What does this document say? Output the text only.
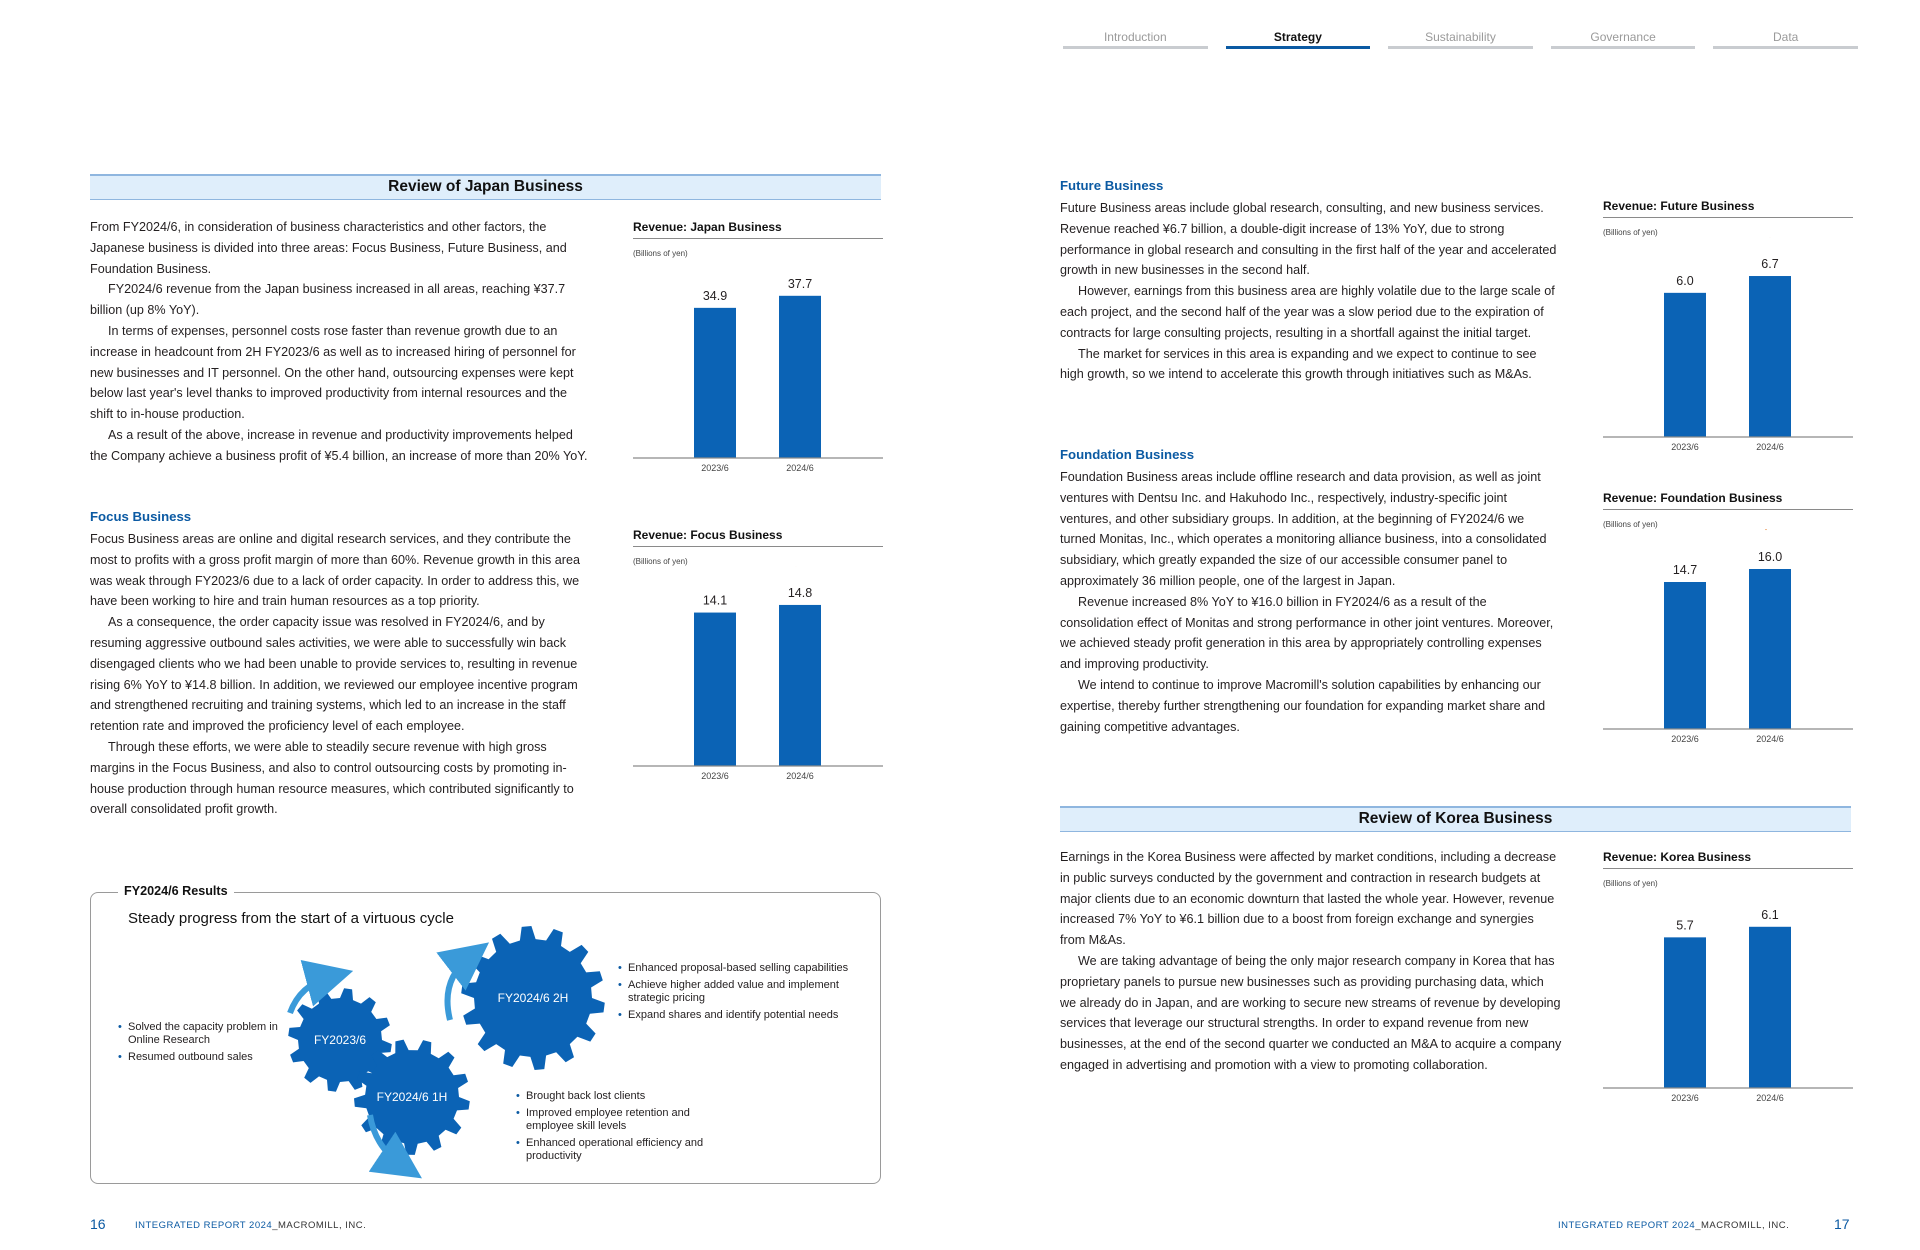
Introduction	Strategy	Sustainability	Governance	Data
Review of Japan Business

From FY2024/6, in consideration of business characteristics and other factors, the Japanese business is divided into three areas: Focus Business, Future Business, and Foundation Business.

FY2024/6 revenue from the Japan business increased in all areas, reaching ¥37.7 billion (up 8% YoY).

In terms of expenses, personnel costs rose faster than revenue growth due to an increase in headcount from 2H FY2023/6 as well as to increased hiring of personnel for new businesses and IT personnel. On the other hand, outsourcing expenses were kept below last year's level thanks to improved productivity from internal resources and the shift to in-house production.

As a result of the above, increase in revenue and productivity improvements helped the Company achieve a business profit of ¥5.4 billion, an increase of more than 20% YoY.

Focus Business

Focus Business areas are online and digital research services, and they contribute the most to profits with a gross profit margin of more than 60%. Revenue growth in this area was weak through FY2023/6 due to a lack of order capacity. In order to address this, we have been working to hire and train human resources as a top priority.

As a consequence, the order capacity issue was resolved in FY2024/6, and by resuming aggressive outbound sales activities, we were able to successfully win back disengaged clients who we had been unable to provide services to, resulting in revenue rising 6% YoY to ¥14.8 billion. In addition, we reviewed our employee incentive program and strengthened recruiting and training systems, which led to an increase in the staff retention rate and improved the proficiency level of each employee.

Through these efforts, we were able to steadily secure revenue with high gross margins in the Focus Business, and also to control outsourcing costs by promoting in-house production through human resource measures, which contributed significantly to overall consolidated profit growth.

Revenue: Japan Business
(Billions of yen)
34.9
2023/6
37.7
2024/6
Revenue: Focus Business
(Billions of yen)
14.1
2023/6
14.8
2024/6
FY2024/6 Results
Steady progress from the start of a virtuous cycle
FY2023/6
FY2024/6 1H
FY2024/6 2H
• Solved the capacity problem in Online Research
• Resumed outbound sales
• Brought back lost clients
• Improved employee retention and employee skill levels
• Enhanced operational efficiency and productivity
• Enhanced proposal-based selling capabilities
• Achieve higher added value and implement strategic pricing
• Expand shares and identify potential needs
16	INTEGRATED REPORT 2024_MACROMILL, INC.
Future Business

Future Business areas include global research, consulting, and new business services. Revenue reached ¥6.7 billion, a double-digit increase of 13% YoY, due to strong performance in global research and consulting in the first half of the year and accelerated growth in new businesses in the second half.

However, earnings from this business area are highly volatile due to the large scale of each project, and the second half of the year was a slow period due to the expiration of contracts for large consulting projects, resulting in a shortfall against the initial target.

The market for services in this area is expanding and we expect to continue to see high growth, so we intend to accelerate this growth through initiatives such as M&As.

Foundation Business

Foundation Business areas include offline research and data provision, as well as joint ventures with Dentsu Inc. and Hakuhodo Inc., respectively, industry-specific joint ventures, and other subsidiary groups. In addition, at the beginning of FY2024/6 we turned Monitas, Inc., which operates a monitoring alliance business, into a consolidated subsidiary, which greatly expanded the size of our accessible consumer panel to approximately 36 million people, one of the largest in Japan.

Revenue increased 8% YoY to ¥16.0 billion in FY2024/6 as a result of the consolidation effect of Monitas and strong performance in other joint ventures. Moreover, we achieved steady profit generation in this area by appropriately controlling expenses and improving productivity.

We intend to continue to improve Macromill's solution capabilities by enhancing our expertise, thereby further strengthening our foundation for expanding market share and gaining competitive advantages.

Revenue: Future Business
(Billions of yen)
6.0
2023/6
6.7
2024/6
Revenue: Foundation Business
(Billions of yen)
14.7
2023/6
16.0
2024/6
Review of Korea Business

Earnings in the Korea Business were affected by market conditions, including a decrease in public surveys conducted by the government and contraction in research budgets at major clients due to an economic downturn that lasted the whole year. However, revenue increased 7% YoY to ¥6.1 billion due to a boost from foreign exchange and synergies from M&As.

We are taking advantage of being the only major research company in Korea that has proprietary panels to pursue new businesses such as providing purchasing data, which we already do in Japan, and are working to secure new streams of revenue by developing services that leverage our structural strengths. In order to expand revenue from new businesses, at the end of the second quarter we conducted an M&A to acquire a company engaged in advertising and promotion with a view to promoting collaboration.

Revenue: Korea Business
(Billions of yen)
5.7
2023/6
6.1
2024/6
INTEGRATED REPORT 2024_MACROMILL, INC.	17
